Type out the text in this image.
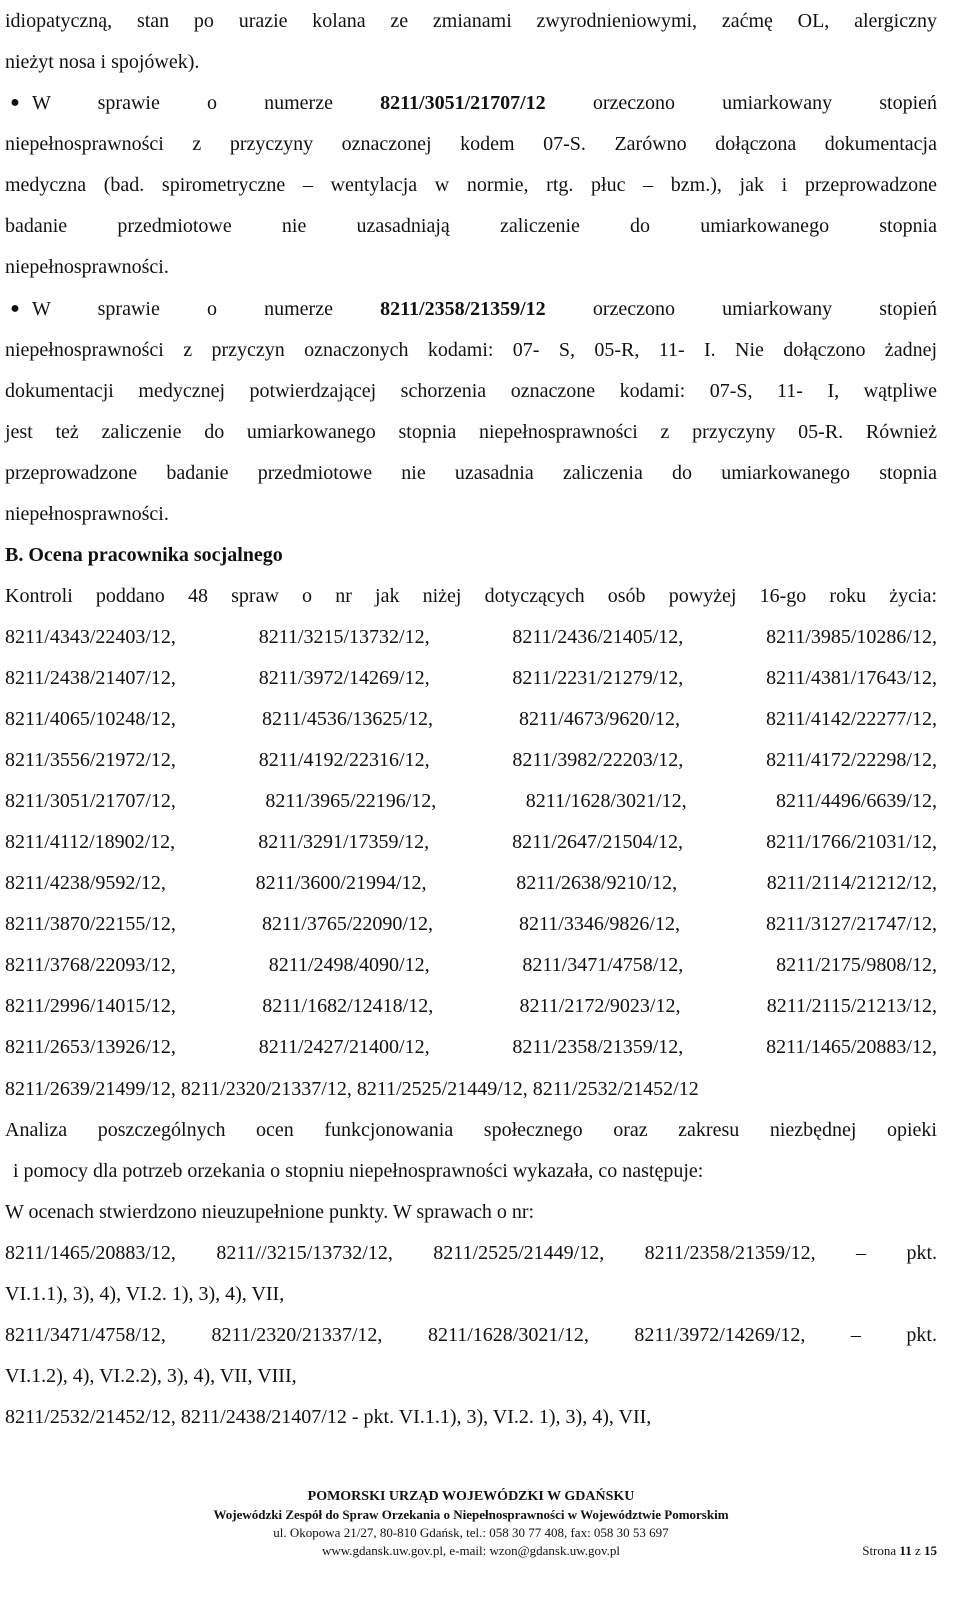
idiopatyczną, stan po urazie kolana ze zmianami zwyrodnieniowymi, zaćmę OL, alergiczny
nieżyt nosa i spojówek).
● W sprawie o numerze 8211/3051/21707/12 orzeczono umiarkowany stopień
niepełnosprawności z przyczyny oznaczonej kodem 07-S. Zarówno dołączona dokumentacja
medyczna (bad. spirometryczne – wentylacja w normie, rtg. płuc – bzm.), jak i przeprowadzone
badanie przedmiotowe nie uzasadniają zaliczenie do umiarkowanego stopnia
niepełnosprawności.
● W sprawie o numerze 8211/2358/21359/12 orzeczono umiarkowany stopień
niepełnosprawności z przyczyn oznaczonych kodami: 07- S, 05-R, 11- I. Nie dołączono żadnej
dokumentacji medycznej potwierdzającej schorzenia oznaczone kodami: 07-S, 11- I, wątpliwe
jest też zaliczenie do umiarkowanego stopnia niepełnosprawności z przyczyny 05-R. Również
przeprowadzone badanie przedmiotowe nie uzasadnia zaliczenia do umiarkowanego stopnia
niepełnosprawności.
B. Ocena pracownika socjalnego
Kontroli poddano 48 spraw o nr jak niżej dotyczących osób powyżej 16-go roku życia:
8211/4343/22403/12,	8211/3215/13732/12,	8211/2436/21405/12,	8211/3985/10286/12,
8211/2438/21407/12,	8211/3972/14269/12,	8211/2231/21279/12,	8211/4381/17643/12,
8211/4065/10248/12,	8211/4536/13625/12,	8211/4673/9620/12,	8211/4142/22277/12,
8211/3556/21972/12,	8211/4192/22316/12,	8211/3982/22203/12,	8211/4172/22298/12,
8211/3051/21707/12,	8211/3965/22196/12,	8211/1628/3021/12,	8211/4496/6639/12,
8211/4112/18902/12,	8211/3291/17359/12,	8211/2647/21504/12,	8211/1766/21031/12,
8211/4238/9592/12,	8211/3600/21994/12,	8211/2638/9210/12,	8211/2114/21212/12,
8211/3870/22155/12,	8211/3765/22090/12,	8211/3346/9826/12,	8211/3127/21747/12,
8211/3768/22093/12,	8211/2498/4090/12,	8211/3471/4758/12,	8211/2175/9808/12,
8211/2996/14015/12,	8211/1682/12418/12,	8211/2172/9023/12,	8211/2115/21213/12,
8211/2653/13926/12,	8211/2427/21400/12,	8211/2358/21359/12,	8211/1465/20883/12,
8211/2639/21499/12, 8211/2320/21337/12, 8211/2525/21449/12, 8211/2532/21452/12
Analiza poszczególnych ocen funkcjonowania społecznego oraz zakresu niezbędnej opieki
i pomocy dla potrzeb orzekania o stopniu niepełnosprawności wykazała, co następuje:
W ocenach stwierdzono nieuzupełnione punkty. W sprawach o nr:
8211/1465/20883/12, 8211//3215/13732/12, 8211/2525/21449/12, 8211/2358/21359/12, – pkt.
VI.1.1), 3), 4), VI.2. 1), 3), 4), VII,
8211/3471/4758/12, 8211/2320/21337/12, 8211/1628/3021/12, 8211/3972/14269/12, – pkt.
VI.1.2), 4), VI.2.2), 3), 4), VII, VIII,
8211/2532/21452/12, 8211/2438/21407/12 - pkt. VI.1.1), 3), VI.2. 1), 3), 4), VII,
POMORSKI URZĄD WOJEWÓDZKI W GDAŃSKU
Wojewódzki Zespół do Spraw Orzekania o Niepełnosprawności w Województwie Pomorskim
ul. Okopowa 21/27, 80-810 Gdańsk, tel.: 058 30 77 408, fax: 058 30 53 697
www.gdansk.uw.gov.pl, e-mail: wzon@gdansk.uw.gov.pl	Strona 11 z 15
